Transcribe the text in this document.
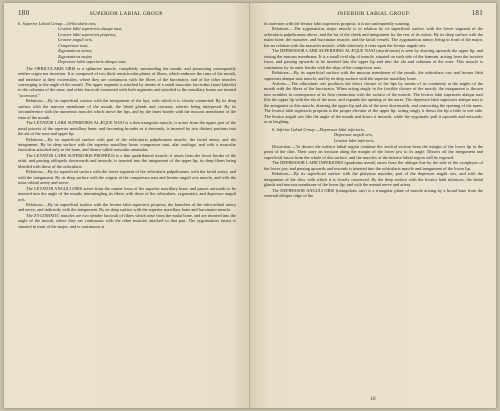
180	SUPERIOR LABIAL GROUP.

b. Superior Labial Group.—Orbicularis oris,

Levator labii superioris alæque nasi,
Levator labii superioris proprius,
Levator anguli oris,
Compressor nasi,
Zygomaticus minor,
Zygomaticus major,
Depressor labii superioris alæque nasi.

The ORBICULARIS ORIS is a sphincter muscle, completely surrounding the mouth, and possessing consequently neither origin nor insertion. It is composed of two thick semicircular planes of fibres, which embrace the rima of the mouth, and interlace at their extremities, where they are continuous with the fibres of the buccinator, and of the other muscles converging to the angle of the mouth. The upper segment is attached by means of a small muscular fasciculus (naso-labialis) to the columna of the nose; and other fasciculi connected with both segments and attached to the maxillary bones are termed "accessorii."

Relations.—By its superficial surface with the integument of the lips, with which it is closely connected. By its deep surface with the mucous membrane of the mouth, the labial glands and coronary arteries being interposed. By its circumference with the numerous muscles which move the lips, and by the inner border with the mucous membrane of the rima of the mouth.

The LEVATOR LABII SUPERIORIS ALÆQUE NASI is a thin triangular muscle; it arises from the upper part of the nasal process of the superior maxillary bone; and becoming broader as it descends, is inserted by two distinct portions into the ala of the nose and upper lip.

Relations.—By its superficial surface with part of the orbicularis palpebrarum muscle, the facial artery, and the integument. By its deep surface with the superior maxillary bone, compressor nasi, alar cartilage, and with a muscular fasciculus attached only to the bone, and thence called musculus anomalus.

The LEVATOR LABII SUPERIORIS PROPRIUS is a thin quadrilateral muscle; it arises from the lower border of the orbit, and passing obliquely downwards and inwards, is inserted into the integument of the upper lip; its deep fibres being blended with those of the orbicularis.

Relations.—By its superficial surface with the lower segment of the orbicularis palpebrarum, with the facial artery, and with the integument. By its deep surface with the origins of the compressor nasi and levator anguli oris muscle, and with the infra-orbital artery and nerve.

The LEVATOR ANGULI ORIS arises from the canine fossa of the superior maxillary bone, and passes outwards to be inserted into the angle of the mouth, intermingling its fibres with those of the orbicularis, zygomatici, and depressor anguli oris.

Relations.—By its superficial surface with the levator labii superioris proprius, the branches of the infra-orbital artery and nerve, and indirectly with the integument. By its deep surface with the superior maxillary bone and buccinator muscle.

The ZYGOMATIC muscles are two slender fasciculi of fibres which arise from the malar bone, and are inserted into the angle of the mouth, where they are continuous with the other muscles attached to that part. The zygomaticus minor is situated in front of the major, and is continuous at

INFERIOR LABIAL GROUP.	181

its insertion with the levator labii superioris proprius; it is not unfrequently wanting.

Relations.—The zygomaticus major muscle is in relation by its superficial surface with the lower segment of the orbicularis palpebrarum above, and the fat of the cheek and integument for the rest of its extent. By its deep surface with the malar bone, the masseter, and buccinator muscle, and the facial vessels. The zygomaticus minor, being in front of the major, has no relation with the masseter muscle, while inferiorly it rests upon the levator anguli oris.

The DEPRESSOR LABII SUPERIORIS ALÆQUE NASI (myrtiformis) is seen by drawing upwards the upper lip, and raising the mucous membrane. It is a small oval slip of muscle, situated on each side of the frænum, arising from the incisive fossa, and passing upwards to be inserted into the upper lip and into the ala and columna of the nose. This muscle is continuous by its outer border with the slips of the compressor nasi.

Relations.—By its superficial surface with the mucous membrane of the mouth, the orbicularis oris and levator labii superioris alæque nasi muscle; and by its deep surface with the superior maxillary bone.

Actions.—The orbicularis oris produces the direct closure of the lips by means of its continuity at the angles of the mouth with the fibres of the buccinator. When acting singly in the forcible closure of the mouth, the integument is thrown into wrinkles in consequence of its firm connection with the surface of the muscle. The levator labii superioris alæque nasi lifts the upper lip with the ala of the nose, and expands the opening of the nares. The depressor labii superioris alæque nasi is the antagonist to this muscle, drawing the upper lip and ala of the nose downwards, and contracting the opening of the nares. The levator labii superioris proprius is the proper elevator of the upper lip; acting singly it draws the lip a little to one side. The levator anguli oris lifts the angle of the mouth and draws it inwards, while the zygomatic pull it upwards and outwards, as in laughing.

6. Inferior Labial Group.—Depressor labii inferioris,

Depressor anguli oris,
Levator labii inferioris.

Dissection.—To dissect the inferior labial region continue the vertical section from the margin of the lower lip to the point of the chin. Then carry an incision along the margin of the lower jaw to its angle. Dissect off the integument and superficial fascia from the whole of this surface, and the muscles of the inferior labial region will be exposed.

The DEPRESSOR LABII INFERIORIS (quadratus menti) arises from the oblique line by the side of the symphysis of the lower jaw, and passing upwards and inwards is inserted into the orbicularis muscle and integument of the lower lip.

Relations.—By its superficial surface with the platysma myoides, part of the depressor anguli oris, and with the integument of the chin, with which it is closely connected. By the deep surface with the levator labii inferioris, the labial glands and mucous membrane of the lower lip; and with the mental nerve and artery.

The DEPRESSOR ANGULI ORIS (triangularis oris) is a triangular plane of muscle arising by a broad base from the external oblique ridge of the

16
